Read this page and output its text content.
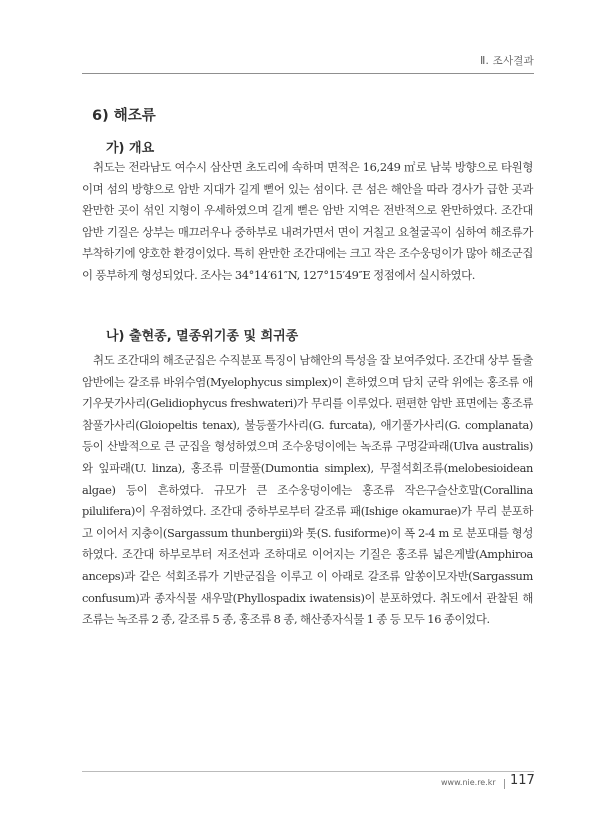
Ⅱ. 조사결과
6) 해조류
가) 개요

취도는 전라남도 여수시 삼산면 초도리에 속하며 면적은 16,249 ㎡로 남북 방향으로 타원형이며 섬의 방향으로 암반 지대가 길게 뻗어 있는 섬이다. 큰 섬은 해안을 따라 경사가 급한 곳과 완만한 곳이 섞인 지형이 우세하였으며 길게 뻗은 암반 지역은 전반적으로 완만하였다. 조간대 암반 기질은 상부는 매끄러우나 중하부로 내려가면서 면이 거칠고 요철굴곡이 심하여 해조류가 부착하기에 양호한 환경이었다. 특히 완만한 조간대에는 크고 작은 조수웅덩이가 많아 해조군집이 풍부하게 형성되었다. 조사는 34°14′61″N, 127°15′49″E 정점에서 실시하였다.

나) 출현종, 멸종위기종 및 희귀종

취도 조간대의 해조군집은 수직분포 특징이 남해안의 특성을 잘 보여주었다. 조간대 상부 돌출 암반에는 갈조류 바위수염(Myelophycus simplex)이 흔하였으며 담치 군락 위에는 홍조류 애기우뭇가사리(Gelidiophycus freshwateri)가 무리를 이루었다. 편편한 암반 표면에는 홍조류 참풀가사리(Gloiopeltis tenax), 불등풀가사리(G. furcata), 애기풀가사리(G. complanata) 등이 산발적으로 큰 군집을 형성하였으며 조수웅덩이에는 녹조류 구멍갈파래(Ulva australis)와 잎파래(U. linza), 홍조류 미끌풀(Dumontia simplex), 무절석회조류(melobesioidean algae) 등이 흔하였다. 규모가 큰 조수웅덩이에는 홍조류 작은구슬산호말(Corallina pilulifera)이 우점하였다. 조간대 중하부로부터 갈조류 패(Ishige okamurae)가 무리 분포하고 이어서 지충이(Sargassum thunbergii)와 톳(S. fusiforme)이 폭 2-4 m 로 분포대를 형성하였다. 조간대 하부로부터 저조선과 조하대로 이어지는 기질은 홍조류 넓은게발(Amphiroa anceps)과 같은 석회조류가 기반군집을 이루고 이 아래로 갈조류 알쏭이모자반(Sargassum confusum)과 종자식물 새우말(Phyllospadix iwatensis)이 분포하였다. 취도에서 관찰된 해조류는 녹조류 2 종, 갈조류 5 종, 홍조류 8 종, 해산종자식물 1 종 등 모두 16 종이었다.

www.nie.re.kr 117
